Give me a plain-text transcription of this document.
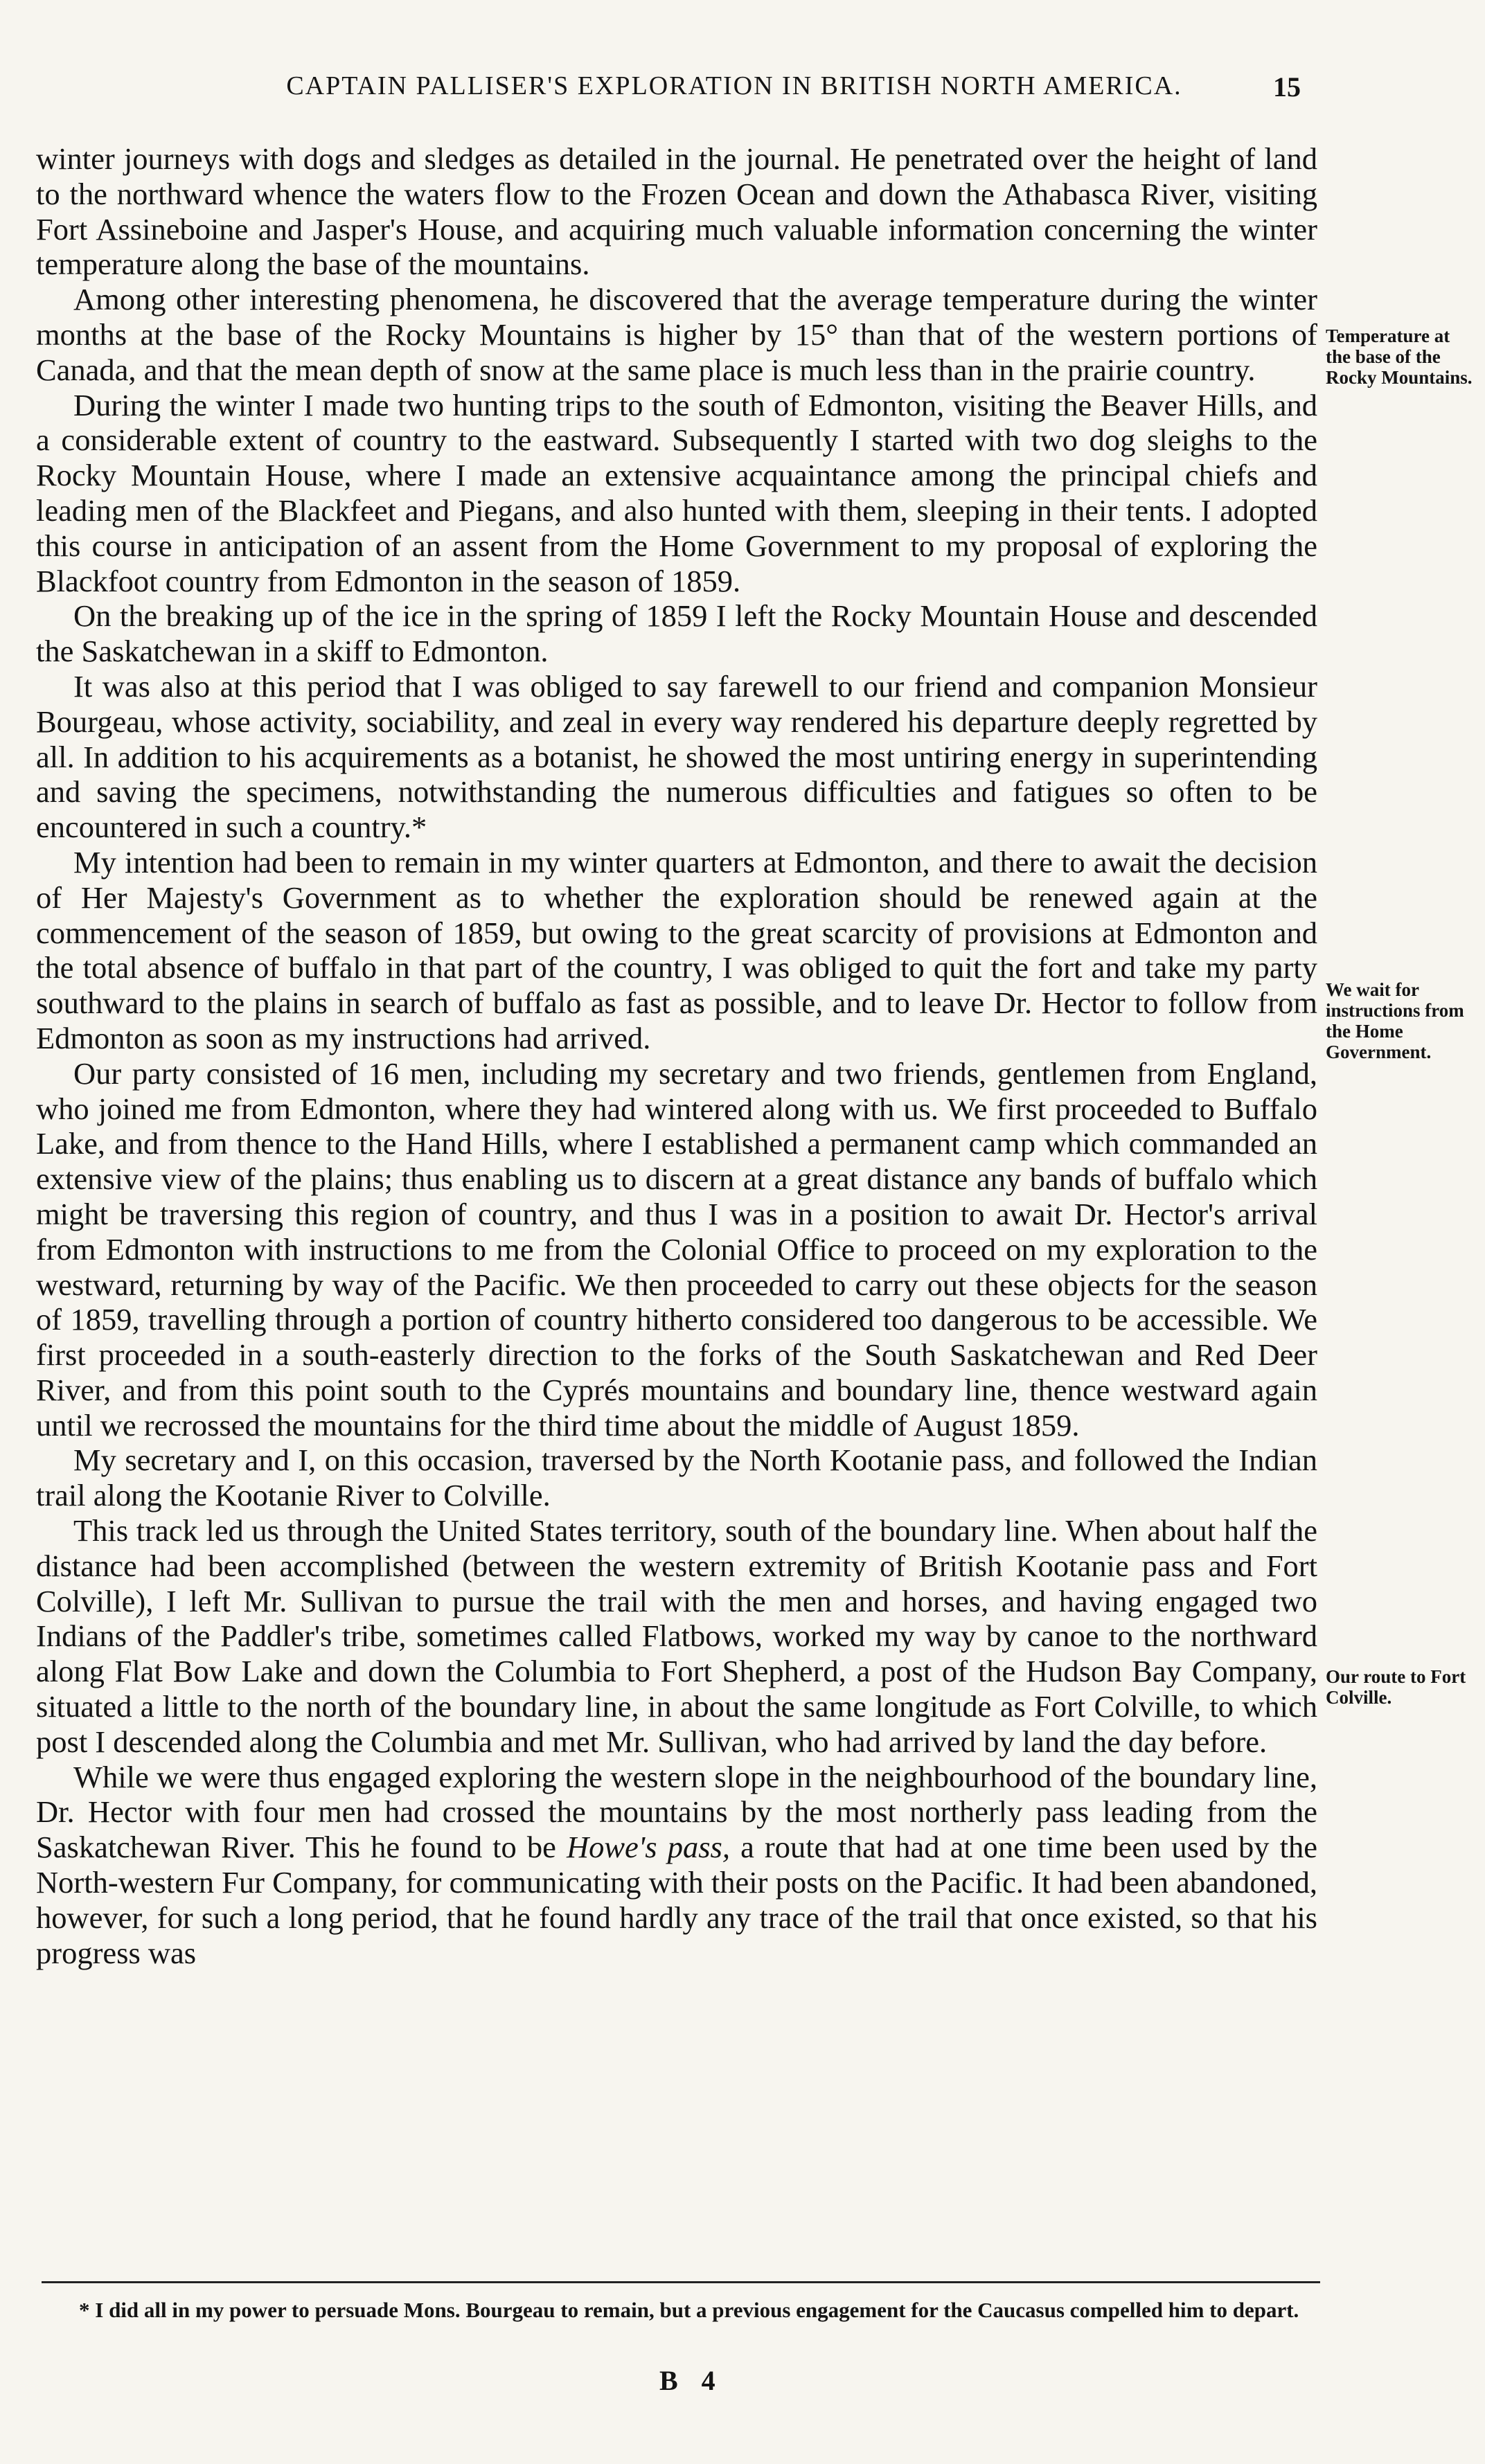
CAPTAIN PALLISER'S EXPLORATION IN BRITISH NORTH AMERICA.	15

winter journeys with dogs and sledges as detailed in the journal. He penetrated over the height of land to the northward whence the waters flow to the Frozen Ocean and down the Athabasca River, visiting Fort Assineboine and Jasper's House, and acquiring much valuable information concerning the winter temperature along the base of the mountains.

Among other interesting phenomena, he discovered that the average temperature during the winter months at the base of the Rocky Mountains is higher by 15° than that of the western portions of Canada, and that the mean depth of snow at the same place is much less than in the prairie country.

During the winter I made two hunting trips to the south of Edmonton, visiting the Beaver Hills, and a considerable extent of country to the eastward. Subsequently I started with two dog sleighs to the Rocky Mountain House, where I made an extensive acquaintance among the principal chiefs and leading men of the Blackfeet and Piegans, and also hunted with them, sleeping in their tents. I adopted this course in anticipation of an assent from the Home Government to my proposal of exploring the Blackfoot country from Edmonton in the season of 1859.

On the breaking up of the ice in the spring of 1859 I left the Rocky Mountain House and descended the Saskatchewan in a skiff to Edmonton.

It was also at this period that I was obliged to say farewell to our friend and companion Monsieur Bourgeau, whose activity, sociability, and zeal in every way rendered his departure deeply regretted by all. In addition to his acquirements as a botanist, he showed the most untiring energy in superintending and saving the specimens, notwithstanding the numerous difficulties and fatigues so often to be encountered in such a country.*

My intention had been to remain in my winter quarters at Edmonton, and there to await the decision of Her Majesty's Government as to whether the exploration should be renewed again at the commencement of the season of 1859, but owing to the great scarcity of provisions at Edmonton and the total absence of buffalo in that part of the country, I was obliged to quit the fort and take my party southward to the plains in search of buffalo as fast as possible, and to leave Dr. Hector to follow from Edmonton as soon as my instructions had arrived.

Our party consisted of 16 men, including my secretary and two friends, gentlemen from England, who joined me from Edmonton, where they had wintered along with us. We first proceeded to Buffalo Lake, and from thence to the Hand Hills, where I established a permanent camp which commanded an extensive view of the plains; thus enabling us to discern at a great distance any bands of buffalo which might be traversing this region of country, and thus I was in a position to await Dr. Hector's arrival from Edmonton with instructions to me from the Colonial Office to proceed on my exploration to the westward, returning by way of the Pacific. We then proceeded to carry out these objects for the season of 1859, travelling through a portion of country hitherto considered too dangerous to be accessible. We first proceeded in a south-easterly direction to the forks of the South Saskatchewan and Red Deer River, and from this point south to the Cyprés mountains and boundary line, thence westward again until we recrossed the mountains for the third time about the middle of August 1859.

My secretary and I, on this occasion, traversed by the North Kootanie pass, and followed the Indian trail along the Kootanie River to Colville.

This track led us through the United States territory, south of the boundary line. When about half the distance had been accomplished (between the western extremity of British Kootanie pass and Fort Colville), I left Mr. Sullivan to pursue the trail with the men and horses, and having engaged two Indians of the Paddler's tribe, sometimes called Flatbows, worked my way by canoe to the northward along Flat Bow Lake and down the Columbia to Fort Shepherd, a post of the Hudson Bay Company, situated a little to the north of the boundary line, in about the same longitude as Fort Colville, to which post I descended along the Columbia and met Mr. Sullivan, who had arrived by land the day before.

While we were thus engaged exploring the western slope in the neighbourhood of the boundary line, Dr. Hector with four men had crossed the mountains by the most northerly pass leading from the Saskatchewan River. This he found to be Howe's pass, a route that had at one time been used by the North-western Fur Company, for communicating with their posts on the Pacific. It had been abandoned, however, for such a long period, that he found hardly any trace of the trail that once existed, so that his progress was

Temperature at the base of the Rocky Mountains.
We wait for instructions from the Home Government.
Our route to Fort Colville.
* I did all in my power to persuade Mons. Bourgeau to remain, but a previous engagement for the Caucasus compelled him to depart.
B 4
